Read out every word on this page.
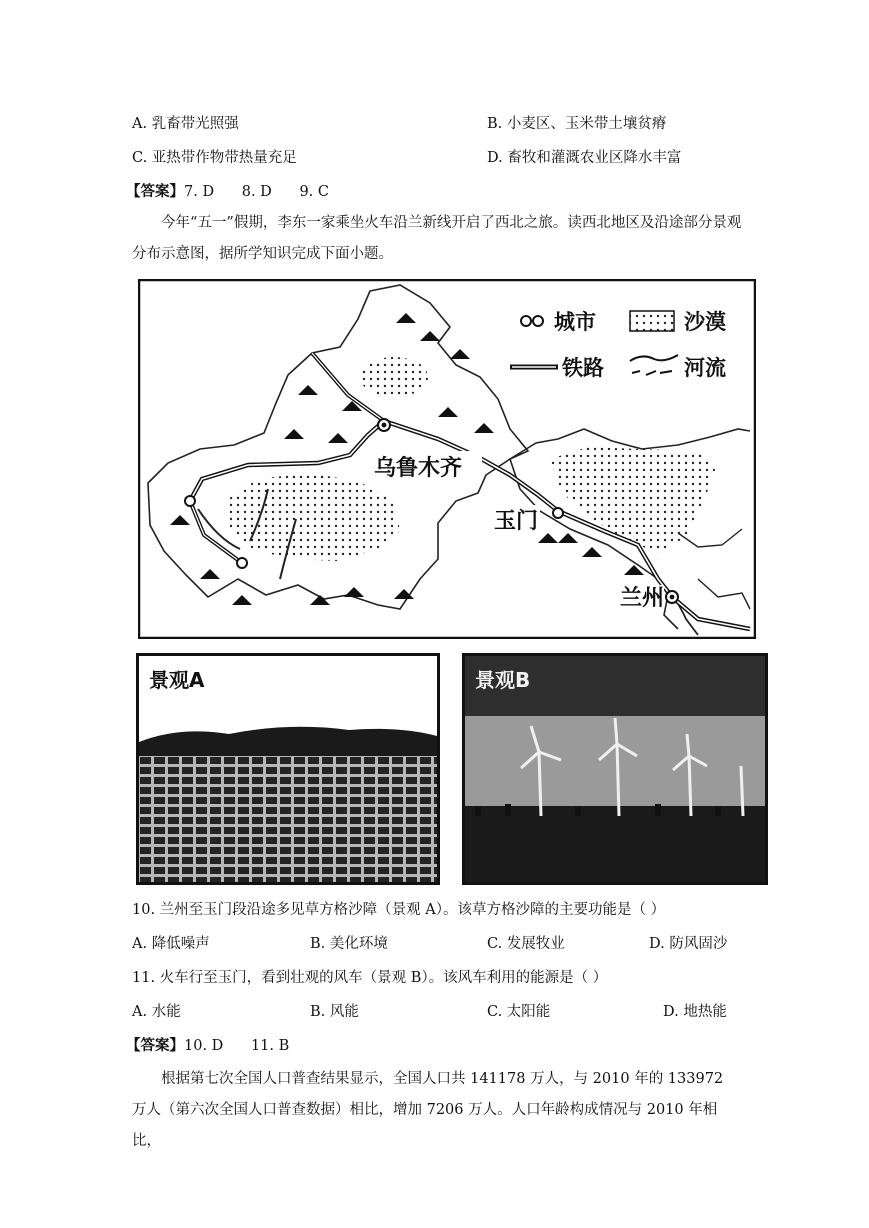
A. 乳畜带光照强	B. 小麦区、玉米带土壤贫瘠
C. 亚热带作物带热量充足	D. 畜牧和灌溉农业区降水丰富
【答案】7. D      8. D      9. C
今年“五一”假期，李东一家乘坐火车沿兰新线开启了西北之旅。读西北地区及沿途部分景观分布示意图，据所学知识完成下面小题。
城市	沙漠
铁路	河流
乌鲁木齐
玉门
兰州
景观A	景观B
10. 兰州至玉门段沿途多见草方格沙障（景观 A）。该草方格沙障的主要功能是（ ）
A. 降低噪声	B. 美化环境	C. 发展牧业	D. 防风固沙
11. 火车行至玉门，看到壮观的风车（景观 B）。该风车利用的能源是（ ）
A. 水能	B. 风能	C. 太阳能	D. 地热能
【答案】10. D      11. B
根据第七次全国人口普查结果显示，全国人口共 141178 万人，与 2010 年的 133972 万人（第六次全国人口普查数据）相比，增加 7206 万人。人口年龄构成情况与 2010 年相比，
